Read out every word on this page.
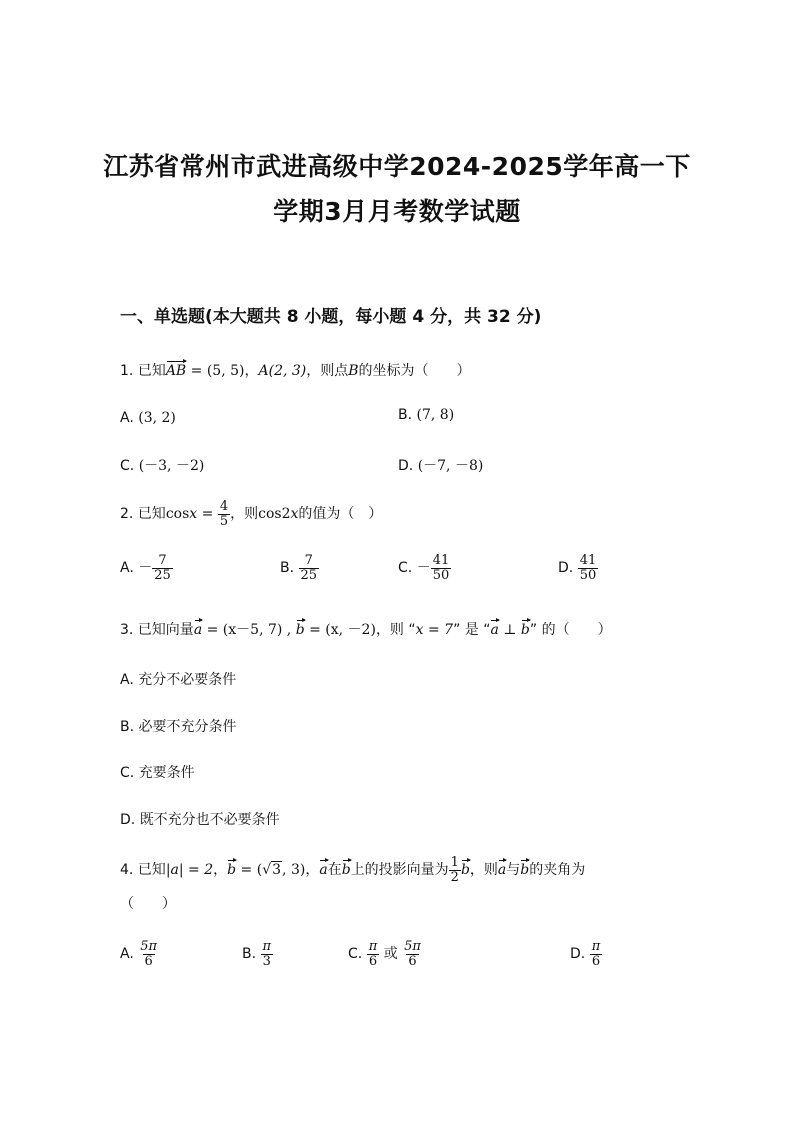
江苏省常州市武进高级中学2024-2025学年高一下
学期3月月考数学试题
一、单选题(本大题共 8 小题，每小题 4 分，共 32 分)
1. 已知AB = (5, 5)，A(2, 3)，则点B的坐标为（　　）
A. (3, 2)	B. (7, 8)
C. (－3, －2)	D. (－7, －8)
2. 已知$\cos x = \frac{4}{5}$ ，则cos2x的值为（　）
A. － $\frac{7}{25}$	B. $\frac{7}{25}$	C. － $\frac{41}{50}$	D. $\frac{41}{50}$
3. 已知向量a = (x－5, 7) , b = (x, －2)，则 “x = 7” 是 “a ⊥ b” 的（　　）
A. 充分不必要条件
B. 必要不充分条件
C. 充要条件
D. 既不充分也不必要条件
4. 已知|a| = 2，b = (√3, 3)，a在b上的投影向量为 $\frac{1}{2}$ b，则a与b的夹角为
（　　）
A. $\frac{5\pi}{6}$	B. $\frac{\pi}{3}$	C. $\frac{\pi}{6}$ 或 $\frac{5\pi}{6}$	D. $\frac{\pi}{6}$
